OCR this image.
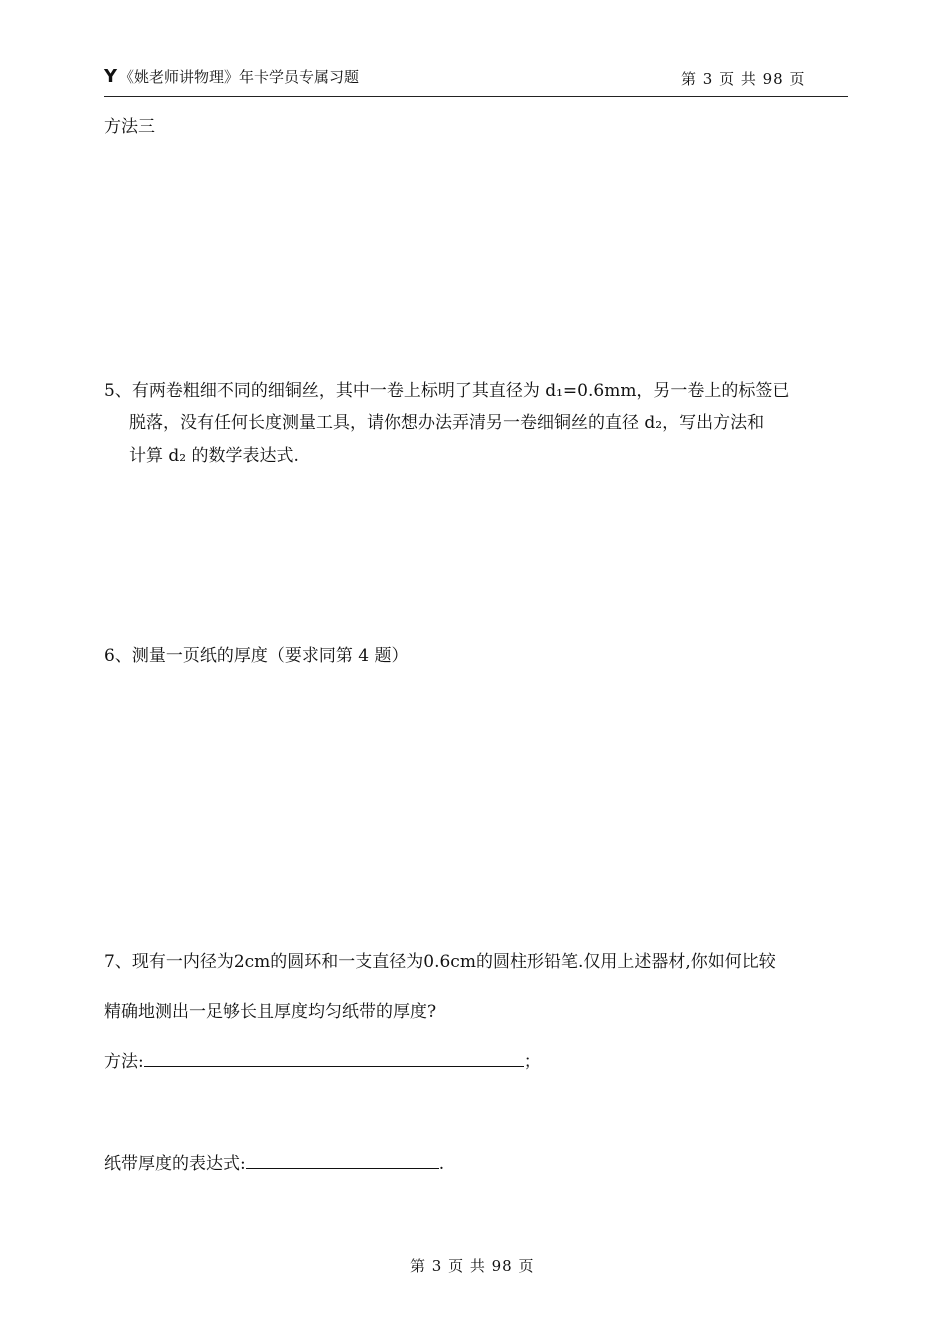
Y 《姚老师讲物理》年卡学员专属习题	第 3 页 共 98 页
方法三
5、有两卷粗细不同的细铜丝，其中一卷上标明了其直径为 d₁=0.6mm，另一卷上的标签已
脱落，没有任何长度测量工具，请你想办法弄清另一卷细铜丝的直径 d₂，写出方法和
计算 d₂ 的数学表达式.
6、测量一页纸的厚度（要求同第 4 题）
7、现有一内径为2cm的圆环和一支直径为0.6cm的圆柱形铅笔.仅用上述器材,你如何比较
精确地测出一足够长且厚度均匀纸带的厚度?
方法:	；
纸带厚度的表达式:	.
第 3 页 共 98 页
